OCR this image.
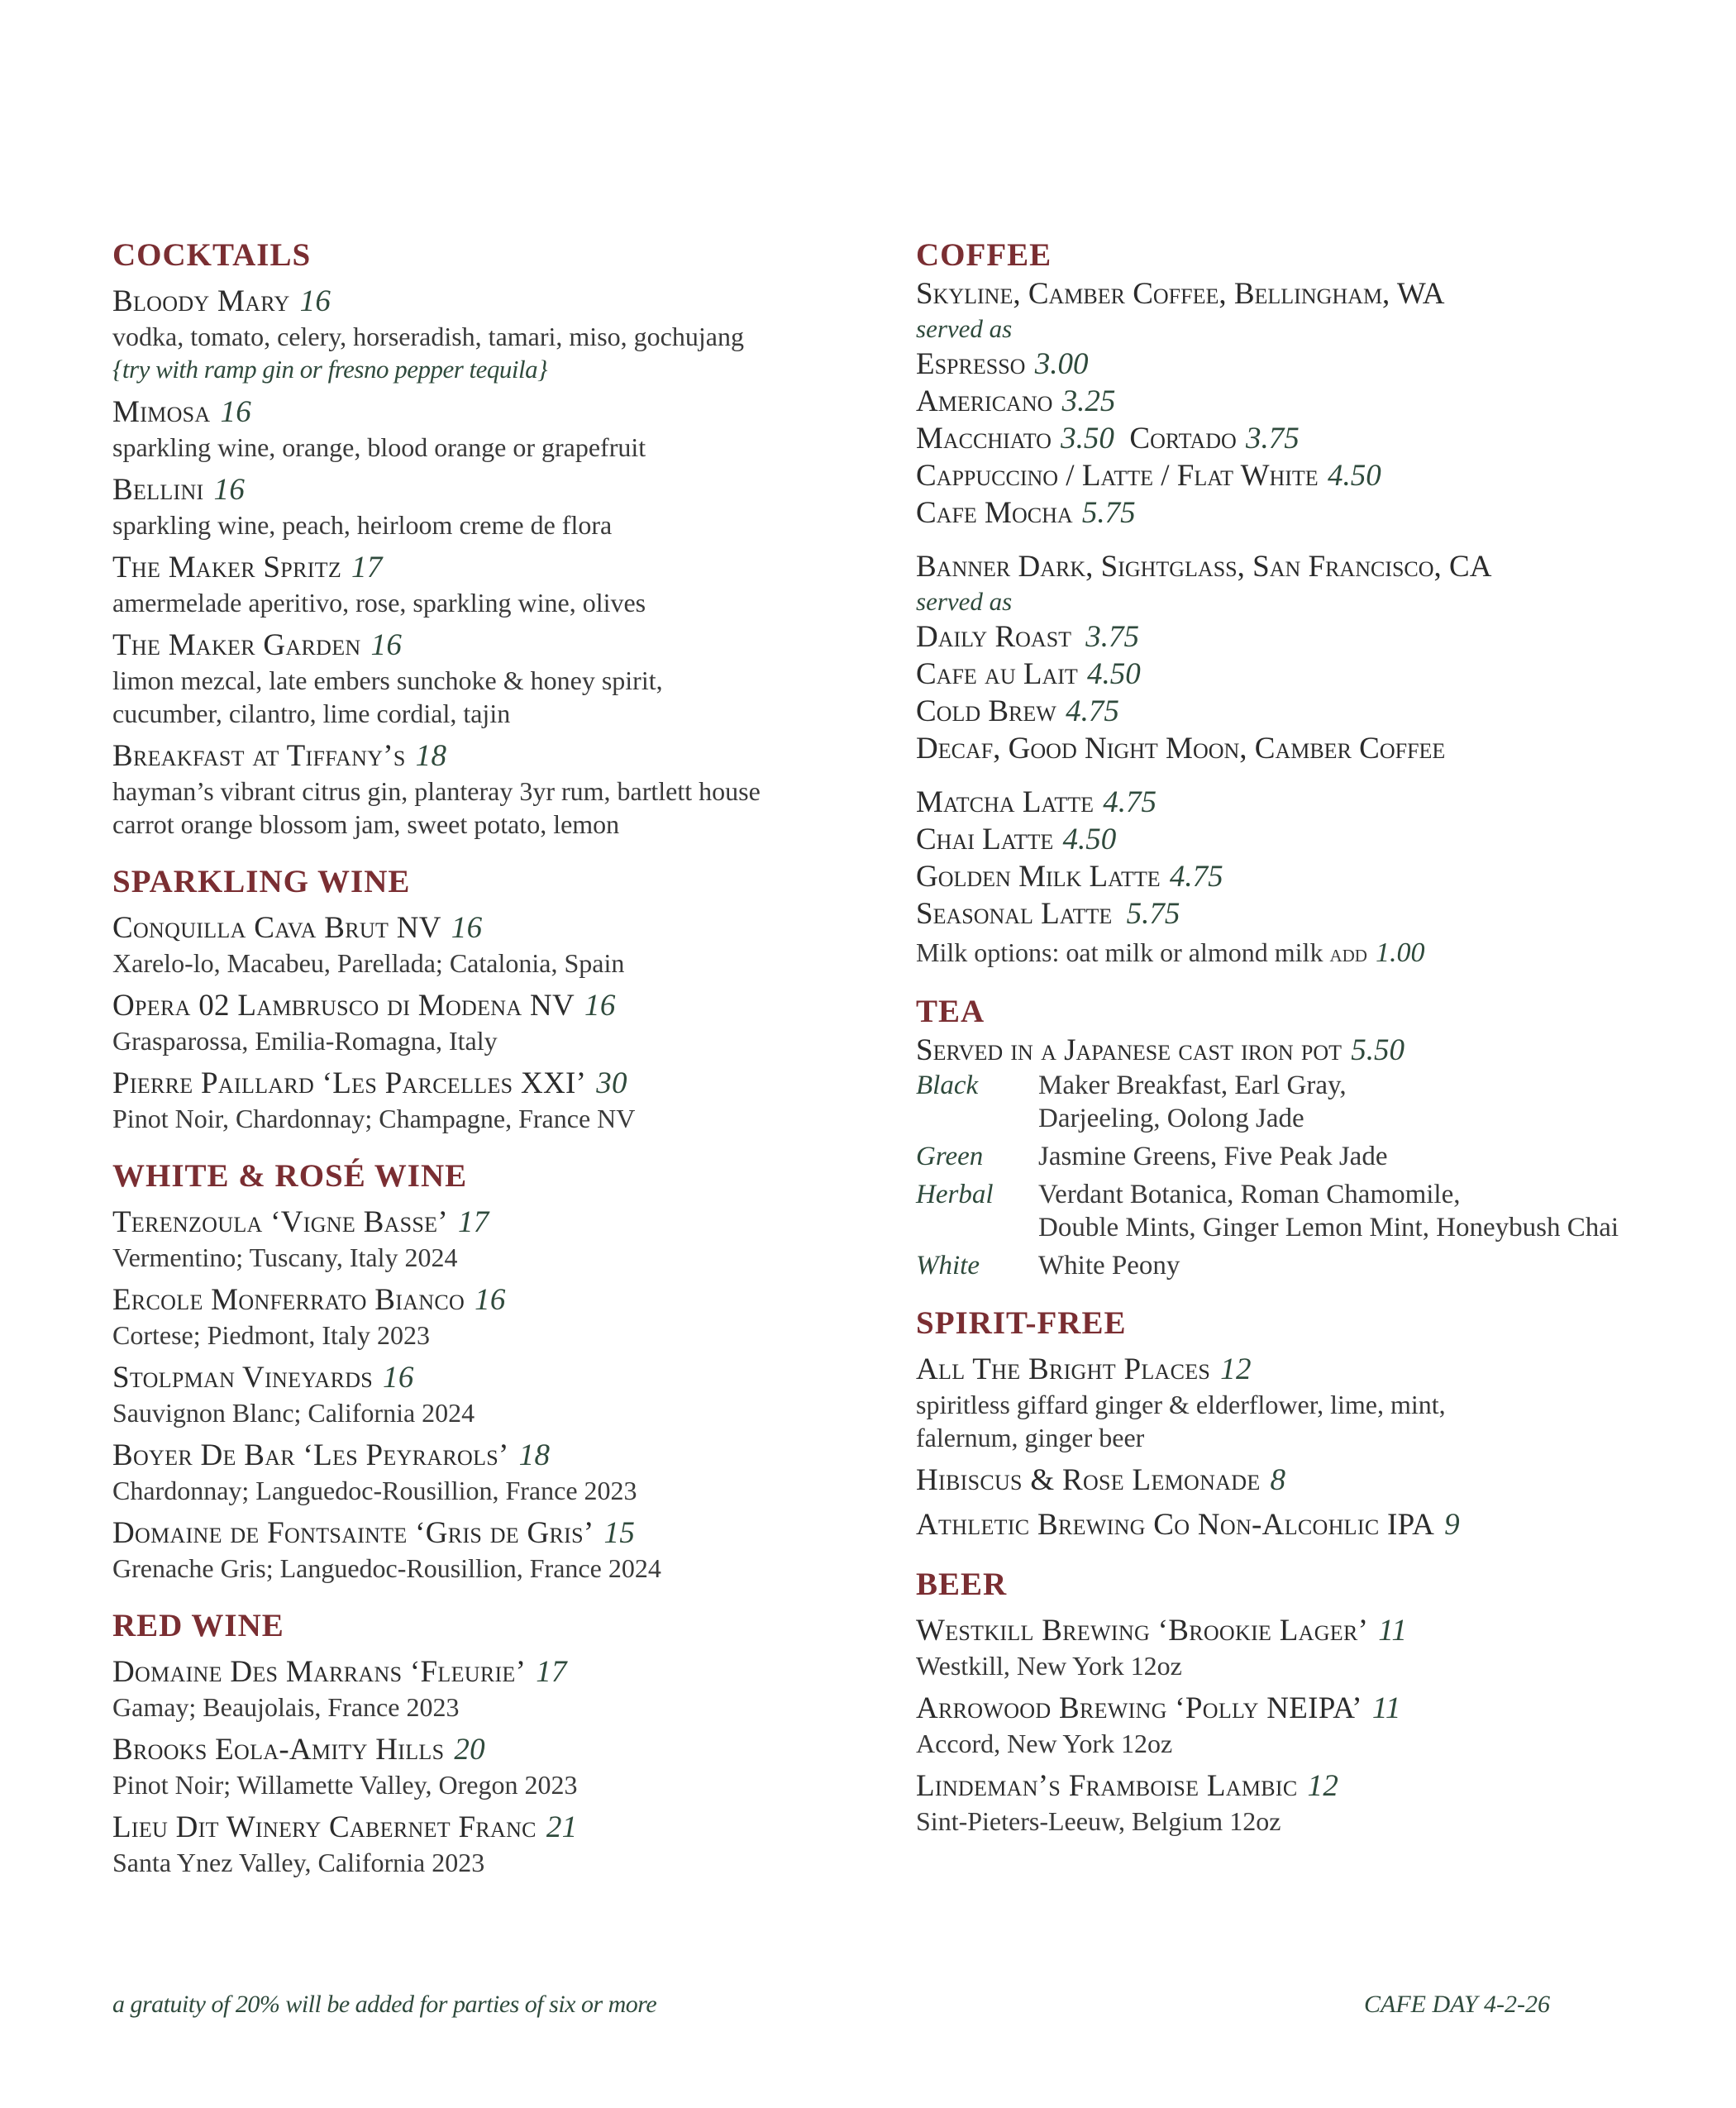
COCKTAILS
Bloody Mary 16
vodka, tomato, celery, horseradish, tamari, miso, gochujang
{try with ramp gin or fresno pepper tequila}
Mimosa 16
sparkling wine, orange, blood orange or grapefruit
Bellini 16
sparkling wine, peach, heirloom creme de flora
The Maker Spritz 17
amermelade aperitivo, rose, sparkling wine, olives
The Maker Garden 16
limon mezcal, late embers sunchoke & honey spirit,
cucumber, cilantro, lime cordial, tajin
Breakfast at Tiffany’s 18
hayman’s vibrant citrus gin, planteray 3yr rum, bartlett house
carrot orange blossom jam, sweet potato, lemon
SPARKLING WINE
Conquilla Cava Brut NV 16
Xarelo-lo, Macabeu, Parellada; Catalonia, Spain
Opera 02 Lambrusco di Modena NV 16
Grasparossa, Emilia-Romagna, Italy
Pierre Paillard ‘Les Parcelles XXI’ 30
Pinot Noir, Chardonnay; Champagne, France NV
WHITE & ROSÉ WINE
Terenzoula ‘Vigne Basse’ 17
Vermentino; Tuscany, Italy 2024
Ercole Monferrato Bianco 16
Cortese; Piedmont, Italy 2023
Stolpman Vineyards 16
Sauvignon Blanc; California 2024
Boyer De Bar ‘Les Peyrarols’ 18
Chardonnay; Languedoc-Rousillion, France 2023
Domaine de Fontsainte ‘Gris de Gris’ 15
Grenache Gris; Languedoc-Rousillion, France 2024
RED WINE
Domaine Des Marrans ‘Fleurie’ 17
Gamay; Beaujolais, France 2023
Brooks Eola-Amity Hills 20
Pinot Noir; Willamette Valley, Oregon 2023
Lieu Dit Winery Cabernet Franc 21
Santa Ynez Valley, California 2023
COFFEE
Skyline, Camber Coffee, Bellingham, WA
served as
Espresso 3.00
Americano 3.25
Macchiato 3.50 Cortado 3.75
Cappuccino / Latte / Flat White 4.50
Cafe Mocha 5.75
Banner Dark, Sightglass, San Francisco, CA
served as
Daily Roast 3.75
Cafe au Lait 4.50
Cold Brew 4.75
Decaf, Good Night Moon, Camber Coffee
Matcha Latte 4.75
Chai Latte 4.50
Golden Milk Latte 4.75
Seasonal Latte 5.75
Milk options: oat milk or almond milk add 1.00
TEA
Served in a Japanese cast iron pot 5.50
Black	Maker Breakfast, Earl Gray,
Darjeeling, Oolong Jade
Green	Jasmine Greens, Five Peak Jade
Herbal	Verdant Botanica, Roman Chamomile,
Double Mints, Ginger Lemon Mint, Honeybush Chai
White	White Peony
SPIRIT-FREE
All The Bright Places 12
spiritless giffard ginger & elderflower, lime, mint,
falernum, ginger beer
Hibiscus & Rose Lemonade 8
Athletic Brewing Co Non-Alcohlic IPA 9
BEER
Westkill Brewing ‘Brookie Lager’ 11
Westkill, New York 12oz
Arrowood Brewing ‘Polly NEIPA’ 11
Accord, New York 12oz
Lindeman’s Framboise Lambic 12
Sint-Pieters-Leeuw, Belgium 12oz
a gratuity of 20% will be added for parties of six or more	CAFE DAY 4-2-26
